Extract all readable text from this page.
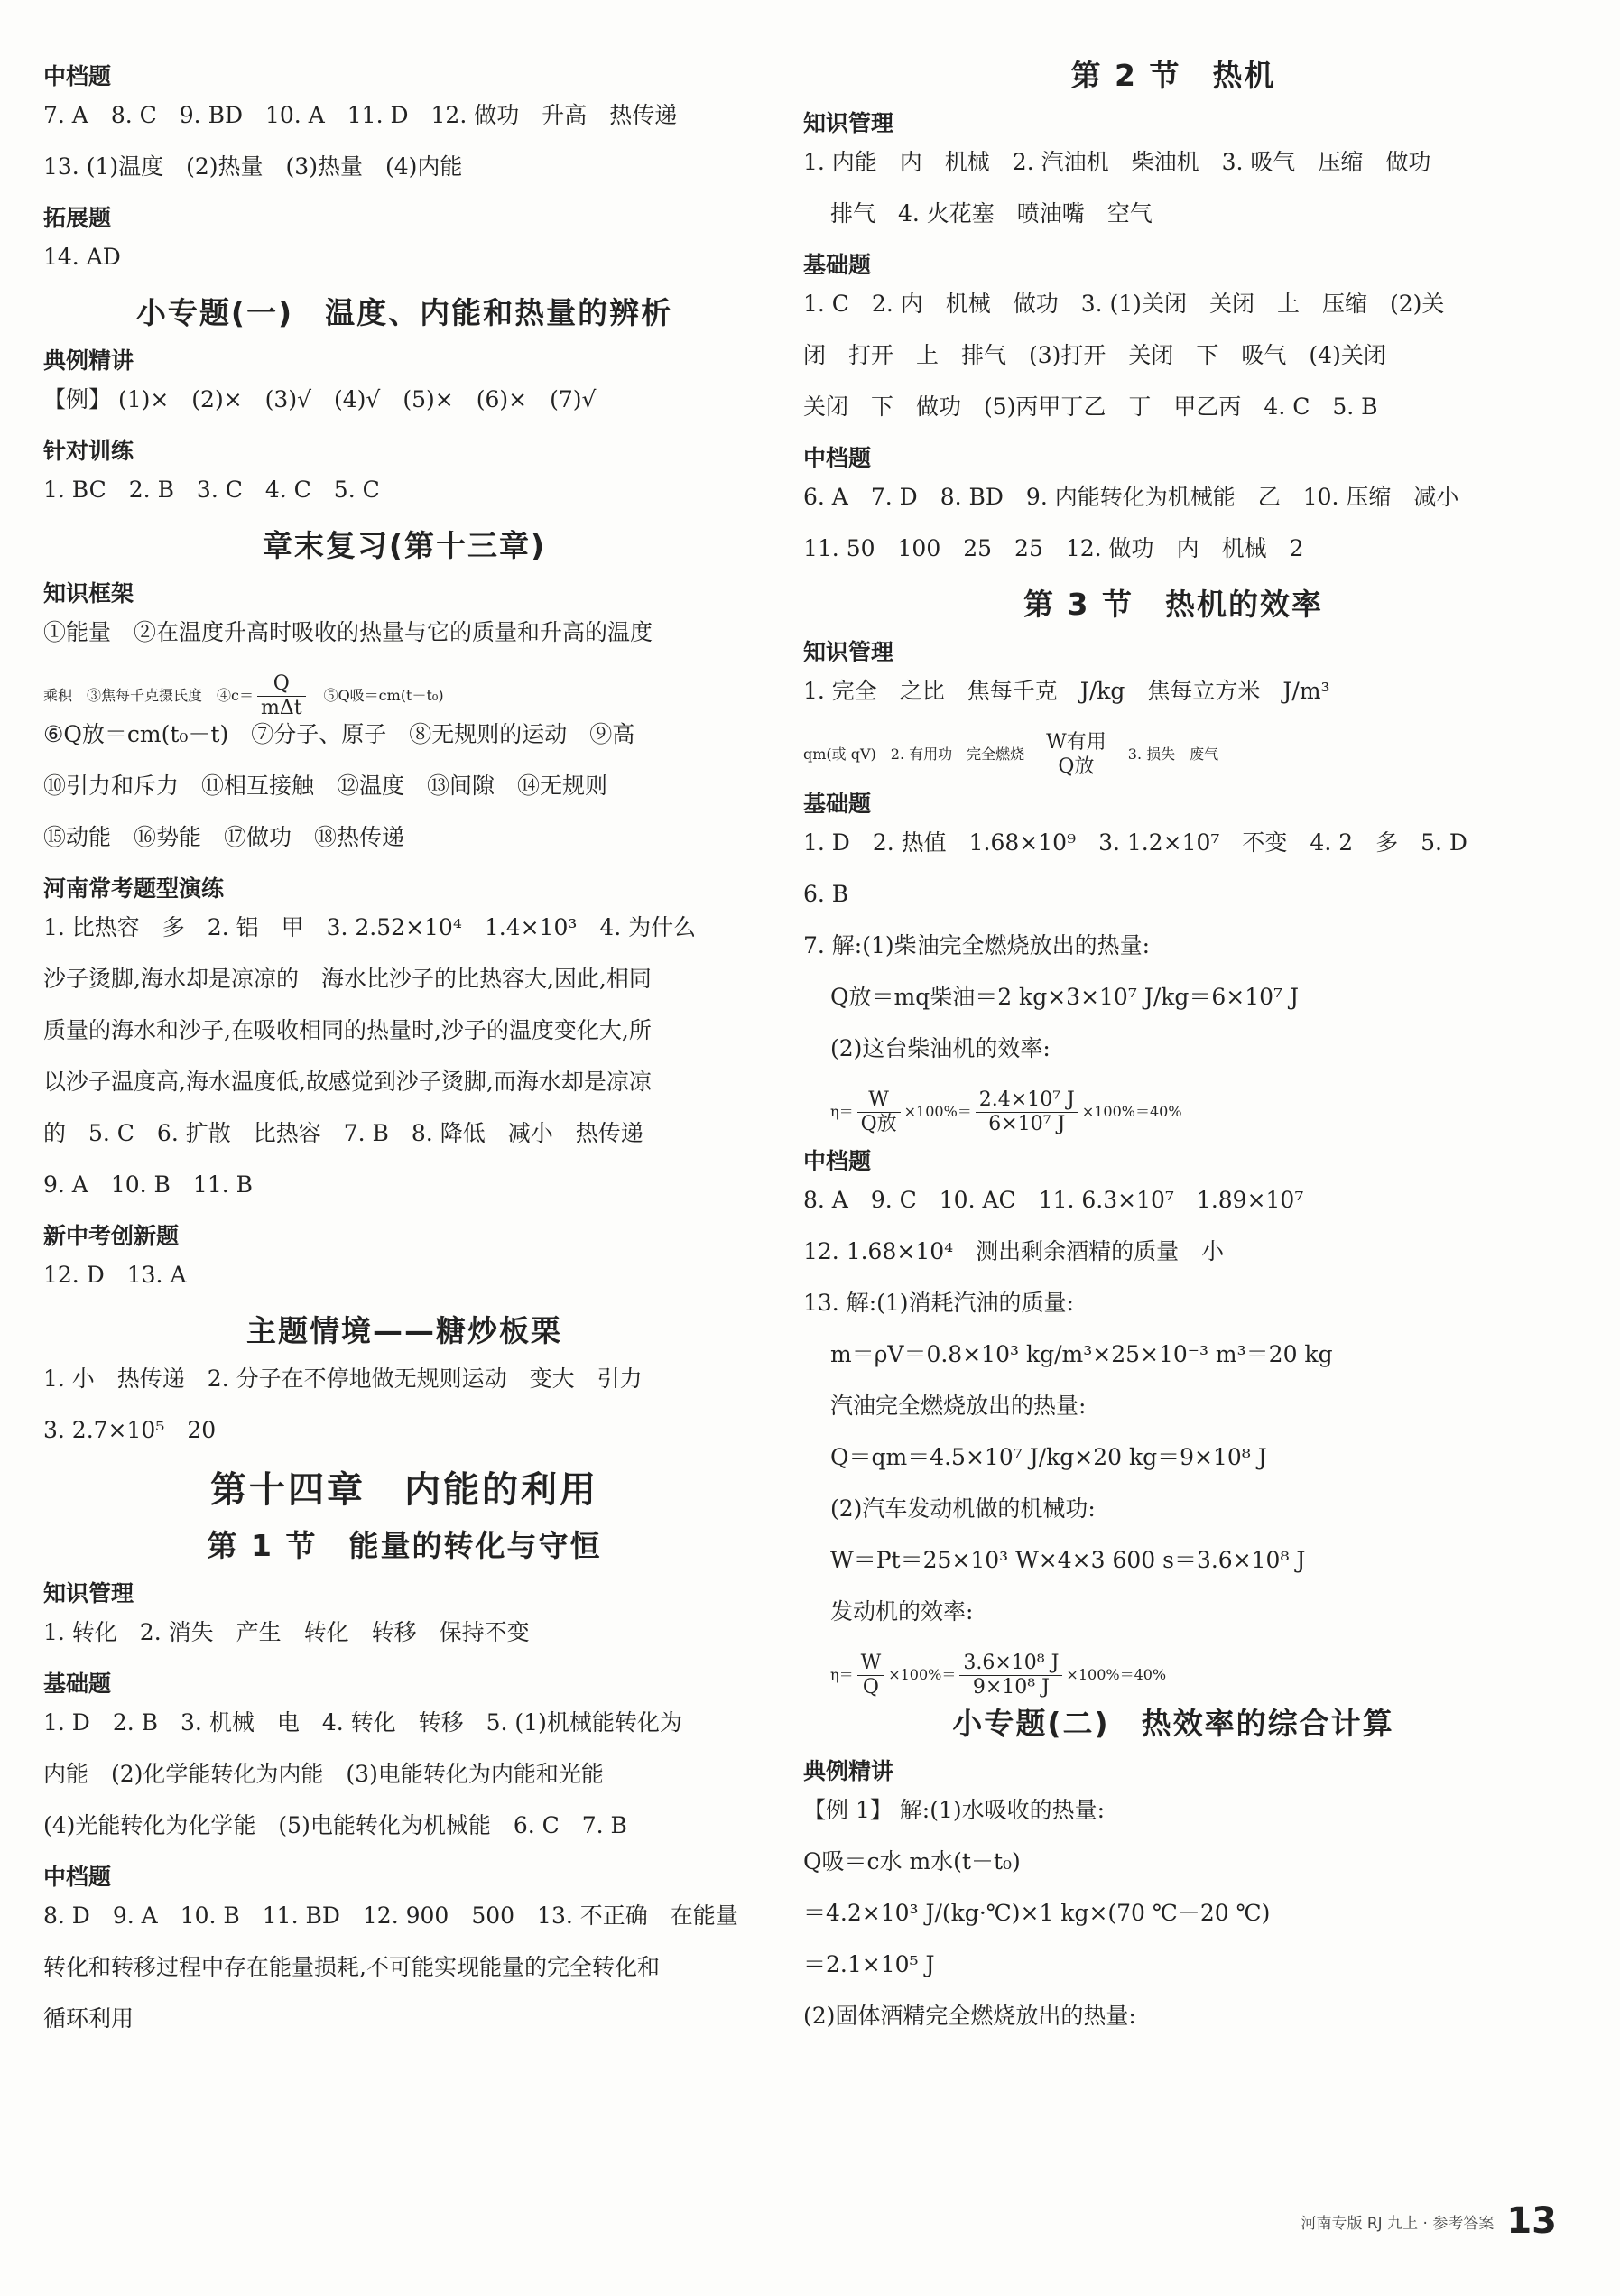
中档题
7. A　8. C　9. BD　10. A　11. D　12. 做功　升高　热传递
13. (1)温度　(2)热量　(3)热量　(4)内能
拓展题
14. AD
小专题(一)　温度、内能和热量的辨析
典例精讲
【例】 (1)×　(2)×　(3)√　(4)√　(5)×　(6)×　(7)√
针对训练
1. BC　2. B　3. C　4. C　5. C
章末复习(第十三章)
知识框架
①能量　②在温度升高时吸收的热量与它的质量和升高的温度
乘积　③焦每千克摄氏度　④c＝ $\frac{Q}{\text{mΔt}}$ 　⑤Q吸＝cm(t－t₀)
⑥Q放＝cm(t₀－t)　⑦分子、原子　⑧无规则的运动　⑨高
⑩引力和斥力　⑪相互接触　⑫温度　⑬间隙　⑭无规则
⑮动能　⑯势能　⑰做功　⑱热传递
河南常考题型演练
1. 比热容　多　2. 铝　甲　3. 2.52×10⁴　1.4×10³　4. 为什么
沙子烫脚,海水却是凉凉的　海水比沙子的比热容大,因此,相同
质量的海水和沙子,在吸收相同的热量时,沙子的温度变化大,所
以沙子温度高,海水温度低,故感觉到沙子烫脚,而海水却是凉凉
的　5. C　6. 扩散　比热容　7. B　8. 降低　减小　热传递
9. A　10. B　11. B
新中考创新题
12. D　13. A
主题情境——糖炒板栗
1. 小　热传递　2. 分子在不停地做无规则运动　变大　引力
3. 2.7×10⁵　20
第十四章　内能的利用
第 1 节　能量的转化与守恒
知识管理
1. 转化　2. 消失　产生　转化　转移　保持不变
基础题
1. D　2. B　3. 机械　电　4. 转化　转移　5. (1)机械能转化为
内能　(2)化学能转化为内能　(3)电能转化为内能和光能
(4)光能转化为化学能　(5)电能转化为机械能　6. C　7. B
中档题
8. D　9. A　10. B　11. BD　12. 900　500　13. 不正确　在能量
转化和转移过程中存在能量损耗,不可能实现能量的完全转化和
循环利用
第 2 节　热机
知识管理
1. 内能　内　机械　2. 汽油机　柴油机　3. 吸气　压缩　做功
排气　4. 火花塞　喷油嘴　空气
基础题
1. C　2. 内　机械　做功　3. (1)关闭　关闭　上　压缩　(2)关
闭　打开　上　排气　(3)打开　关闭　下　吸气　(4)关闭
关闭　下　做功　(5)丙甲丁乙　丁　甲乙丙　4. C　5. B
中档题
6. A　7. D　8. BD　9. 内能转化为机械能　乙　10. 压缩　减小
11. 50　100　25　25　12. 做功　内　机械　2
第 3 节　热机的效率
知识管理
1. 完全　之比　焦每千克　J/kg　焦每立方米　J/m³
qm(或 qV)　2. 有用功　完全燃烧　 $\frac{\text{W有用}}{\text{Q放}}$ 　3. 损失　废气
基础题
1. D　2. 热值　1.68×10⁹　3. 1.2×10⁷　不变　4. 2　多　5. D
6. B
7. 解:(1)柴油完全燃烧放出的热量:
Q放＝mq柴油＝2 kg×3×10⁷ J/kg＝6×10⁷ J
(2)这台柴油机的效率:
$\eta= \frac{W}{\text{Q放}} \times 100\%= \frac{\text{2.4×10⁷ J}}{\text{6×10⁷ J}} \times 100\%=40\%$
中档题
8. A　9. C　10. AC　11. 6.3×10⁷　1.89×10⁷
12. 1.68×10⁴　测出剩余酒精的质量　小
13. 解:(1)消耗汽油的质量:
m＝ρV＝0.8×10³ kg/m³×25×10⁻³ m³＝20 kg
汽油完全燃烧放出的热量:
Q＝qm＝4.5×10⁷ J/kg×20 kg＝9×10⁸ J
(2)汽车发动机做的机械功:
W＝Pt＝25×10³ W×4×3 600 s＝3.6×10⁸ J
发动机的效率:
$\eta= \frac{W}{Q} \times 100\%= \frac{\text{3.6×10⁸ J}}{\text{9×10⁸ J}} \times 100\%=40\%$
小专题(二)　热效率的综合计算
典例精讲
【例 1】 解:(1)水吸收的热量:
Q吸＝c水 m水(t－t₀)
＝4.2×10³ J/(kg·℃)×1 kg×(70 ℃－20 ℃)
＝2.1×10⁵ J
(2)固体酒精完全燃烧放出的热量:
河南专版 RJ 九上 · 参考答案 13
